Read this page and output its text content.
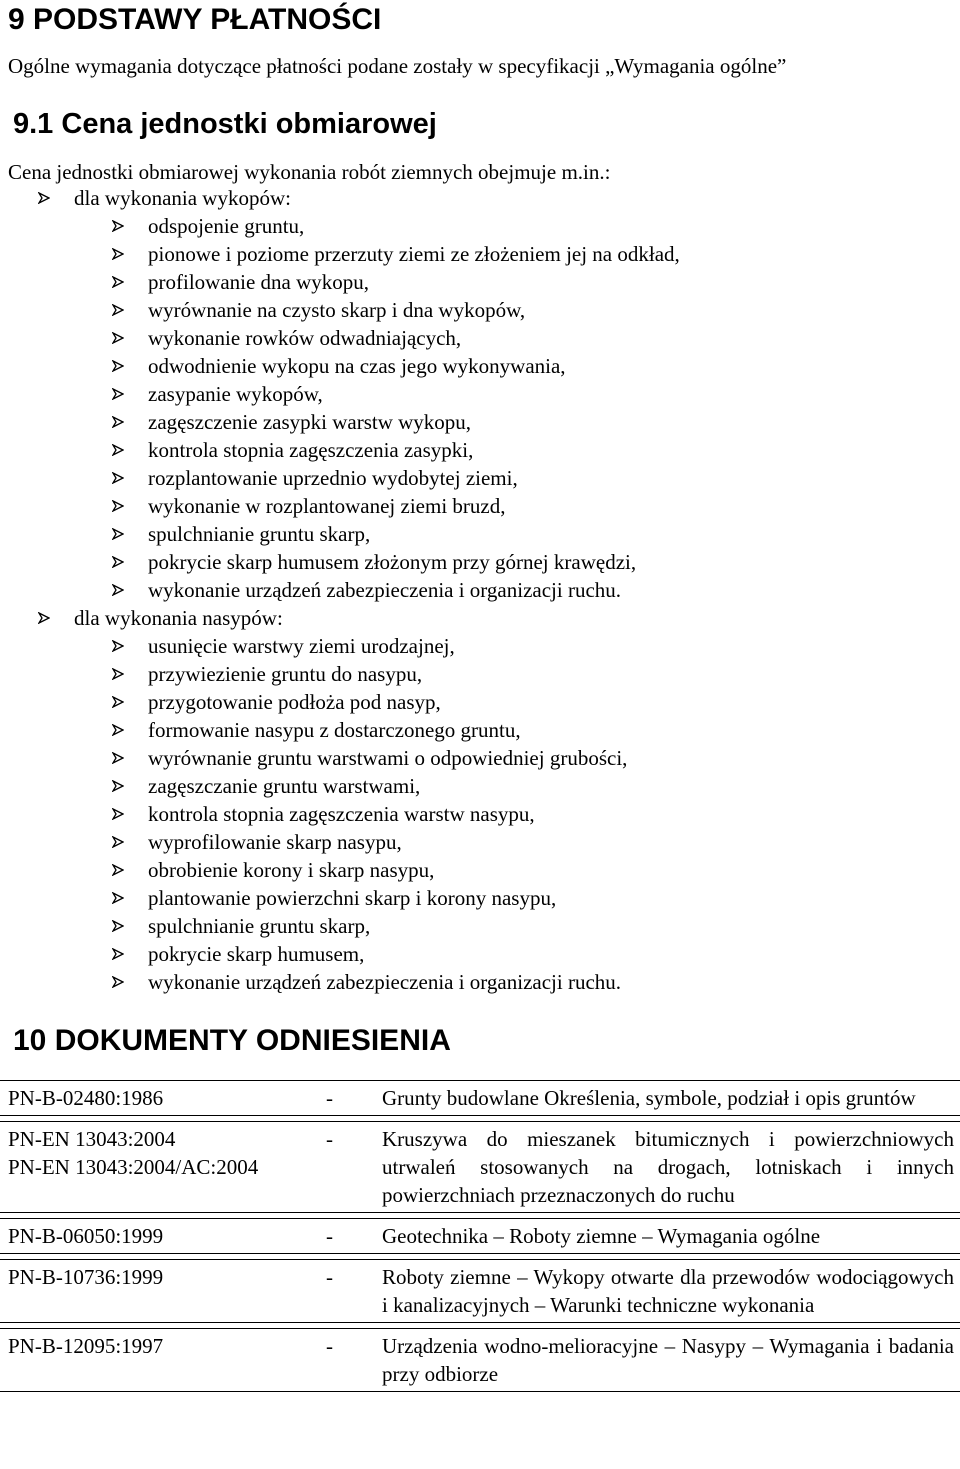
9 PODSTAWY PŁATNOŚCI

Ogólne wymagania dotyczące płatności podane zostały w specyfikacji „Wymagania ogólne”

9.1 Cena jednostki obmiarowej

Cena jednostki obmiarowej wykonania robót ziemnych obejmuje m.in.:

dla wykonania wykopów:
odspojenie gruntu,
pionowe i poziome przerzuty ziemi ze złożeniem jej na odkład,
profilowanie dna wykopu,
wyrównanie na czysto skarp i dna wykopów,
wykonanie rowków odwadniających,
odwodnienie wykopu na czas jego wykonywania,
zasypanie wykopów,
zagęszczenie zasypki warstw wykopu,
kontrola stopnia zagęszczenia zasypki,
rozplantowanie uprzednio wydobytej ziemi,
wykonanie w rozplantowanej ziemi bruzd,
spulchnianie gruntu skarp,
pokrycie skarp humusem złożonym przy górnej krawędzi,
wykonanie urządzeń zabezpieczenia i organizacji ruchu.
dla wykonania nasypów:
usunięcie warstwy ziemi urodzajnej,
przywiezienie gruntu do nasypu,
przygotowanie podłoża pod nasyp,
formowanie nasypu z dostarczonego gruntu,
wyrównanie gruntu warstwami o odpowiedniej grubości,
zagęszczanie gruntu warstwami,
kontrola stopnia zagęszczenia warstw nasypu,
wyprofilowanie skarp nasypu,
obrobienie korony i skarp nasypu,
plantowanie powierzchni skarp i korony nasypu,
spulchnianie gruntu skarp,
pokrycie skarp humusem,
wykonanie urządzeń zabezpieczenia i organizacji ruchu.
10 DOKUMENTY ODNIESIENIA
PN-B-02480:1986	-	Grunty budowlane Określenia, symbole, podział i opis gruntów

PN-EN 13043:2004
PN-EN 13043:2004/AC:2004	-	Kruszywa do mieszanek bitumicznych i powierzchniowych utrwaleń stosowanych na drogach, lotniskach i innych powierzchniach przeznaczonych do ruchu

PN-B-06050:1999	-	Geotechnika – Roboty ziemne – Wymagania ogólne

PN-B-10736:1999	-	Roboty ziemne – Wykopy otwarte dla przewodów wodociągowych i kanalizacyjnych – Warunki techniczne wykonania

PN-B-12095:1997	-	Urządzenia wodno-melioracyjne – Nasypy – Wymagania i badania przy odbiorze
